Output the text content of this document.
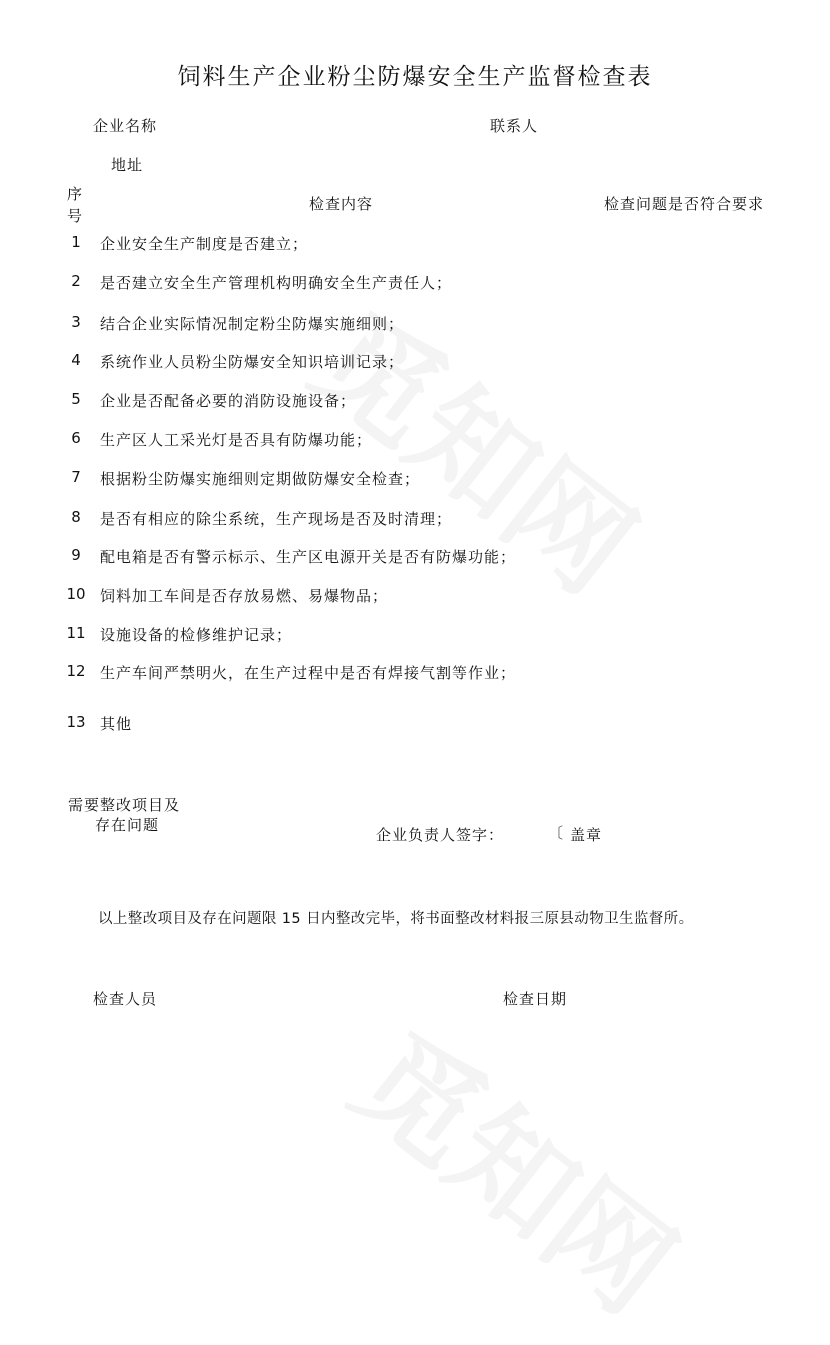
饲料生产企业粉尘防爆安全生产监督检查表
企业名称	联系人
地址
序
号
检查内容	检查问题是否符合要求
1	企业安全生产制度是否建立；
2	是否建立安全生产管理机构明确安全生产责任人；
3	结合企业实际情况制定粉尘防爆实施细则；
4	系统作业人员粉尘防爆安全知识培训记录；
5	企业是否配备必要的消防设施设备；
6	生产区人工采光灯是否具有防爆功能；
7	根据粉尘防爆实施细则定期做防爆安全检查；
8	是否有相应的除尘系统，生产现场是否及时清理；
9	配电箱是否有警示标示、生产区电源开关是否有防爆功能；
10 饲料加工车间是否存放易燃、易爆物品；
11 设施设备的检修维护记录；
12 生产车间严禁明火，在生产过程中是否有焊接气割等作业；
13 其他
需要整改项目及
存在问题
企业负责人签字：	〔 盖章
以上整改项目及存在问题限 15 日内整改完毕，将书面整改材料报三原县动物卫生监督所。
检查人员	检查日期
